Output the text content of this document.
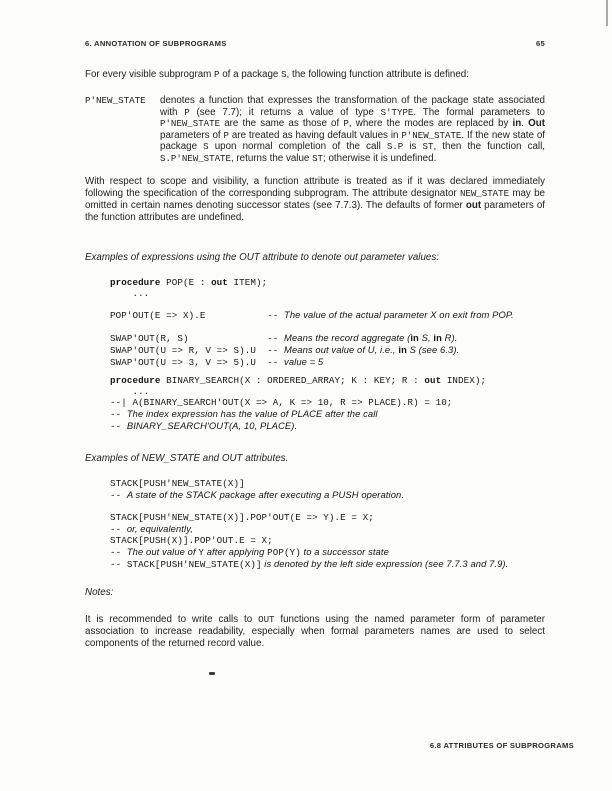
6. ANNOTATION OF SUBPROGRAMS	65
For every visible subprogram P of a package S, the following function attribute is defined:
P'NEW_STATE	denotes a function that expresses the transformation of the package state associated with P (see 7.7); it returns a value of type S'TYPE. The formal parameters to P'NEW_STATE are the same as those of P, where the modes are replaced by in. Out parameters of P are treated as having default values in P'NEW_STATE. If the new state of package S upon normal completion of the call S.P is ST, then the function call, S.P'NEW_STATE, returns the value ST; otherwise it is undefined.
With respect to scope and visibility, a function attribute is treated as if it was declared immediately following the specification of the corresponding subprogram. The attribute designator NEW_STATE may be omitted in certain names denoting successor states (see 7.7.3). The defaults of former out parameters of the function attributes are undefined.
Examples of expressions using the OUT attribute to denote out parameter values:
procedure POP(E : out ITEM);
...
POP'OUT(E => X).E           -- The value of the actual parameter X on exit from POP.
SWAP'OUT(R, S)              -- Means the record aggregate (in S, in R).
SWAP'OUT(U => R, V => S).U  -- Means out value of U, i.e., in S (see 6.3).
SWAP'OUT(U => 3, V => 5).U  -- value = 5
procedure BINARY_SEARCH(X : ORDERED_ARRAY; K : KEY; R : out INDEX);
...
--| A(BINARY_SEARCH'OUT(X => A, K => 10, R => PLACE).R) = 10;
-- The index expression has the value of PLACE after the call
-- BINARY_SEARCH'OUT(A, 10, PLACE).
Examples of NEW_STATE and OUT attributes.
STACK[PUSH'NEW_STATE(X)]
-- A state of the STACK package after executing a PUSH operation.
STACK[PUSH'NEW_STATE(X)].POP'OUT(E => Y).E = X;
-- or, equivalently,
STACK[PUSH(X)].POP'OUT.E = X;
-- The out value of Y after applying POP(Y) to a successor state
-- STACK[PUSH'NEW_STATE(X)] is denoted by the left side expression (see 7.7.3 and 7.9).
Notes:
It is recommended to write calls to OUT functions using the named parameter form of parameter association to increase readability, especially when formal parameters names are used to select components of the returned record value.
6.8 ATTRIBUTES OF SUBPROGRAMS
